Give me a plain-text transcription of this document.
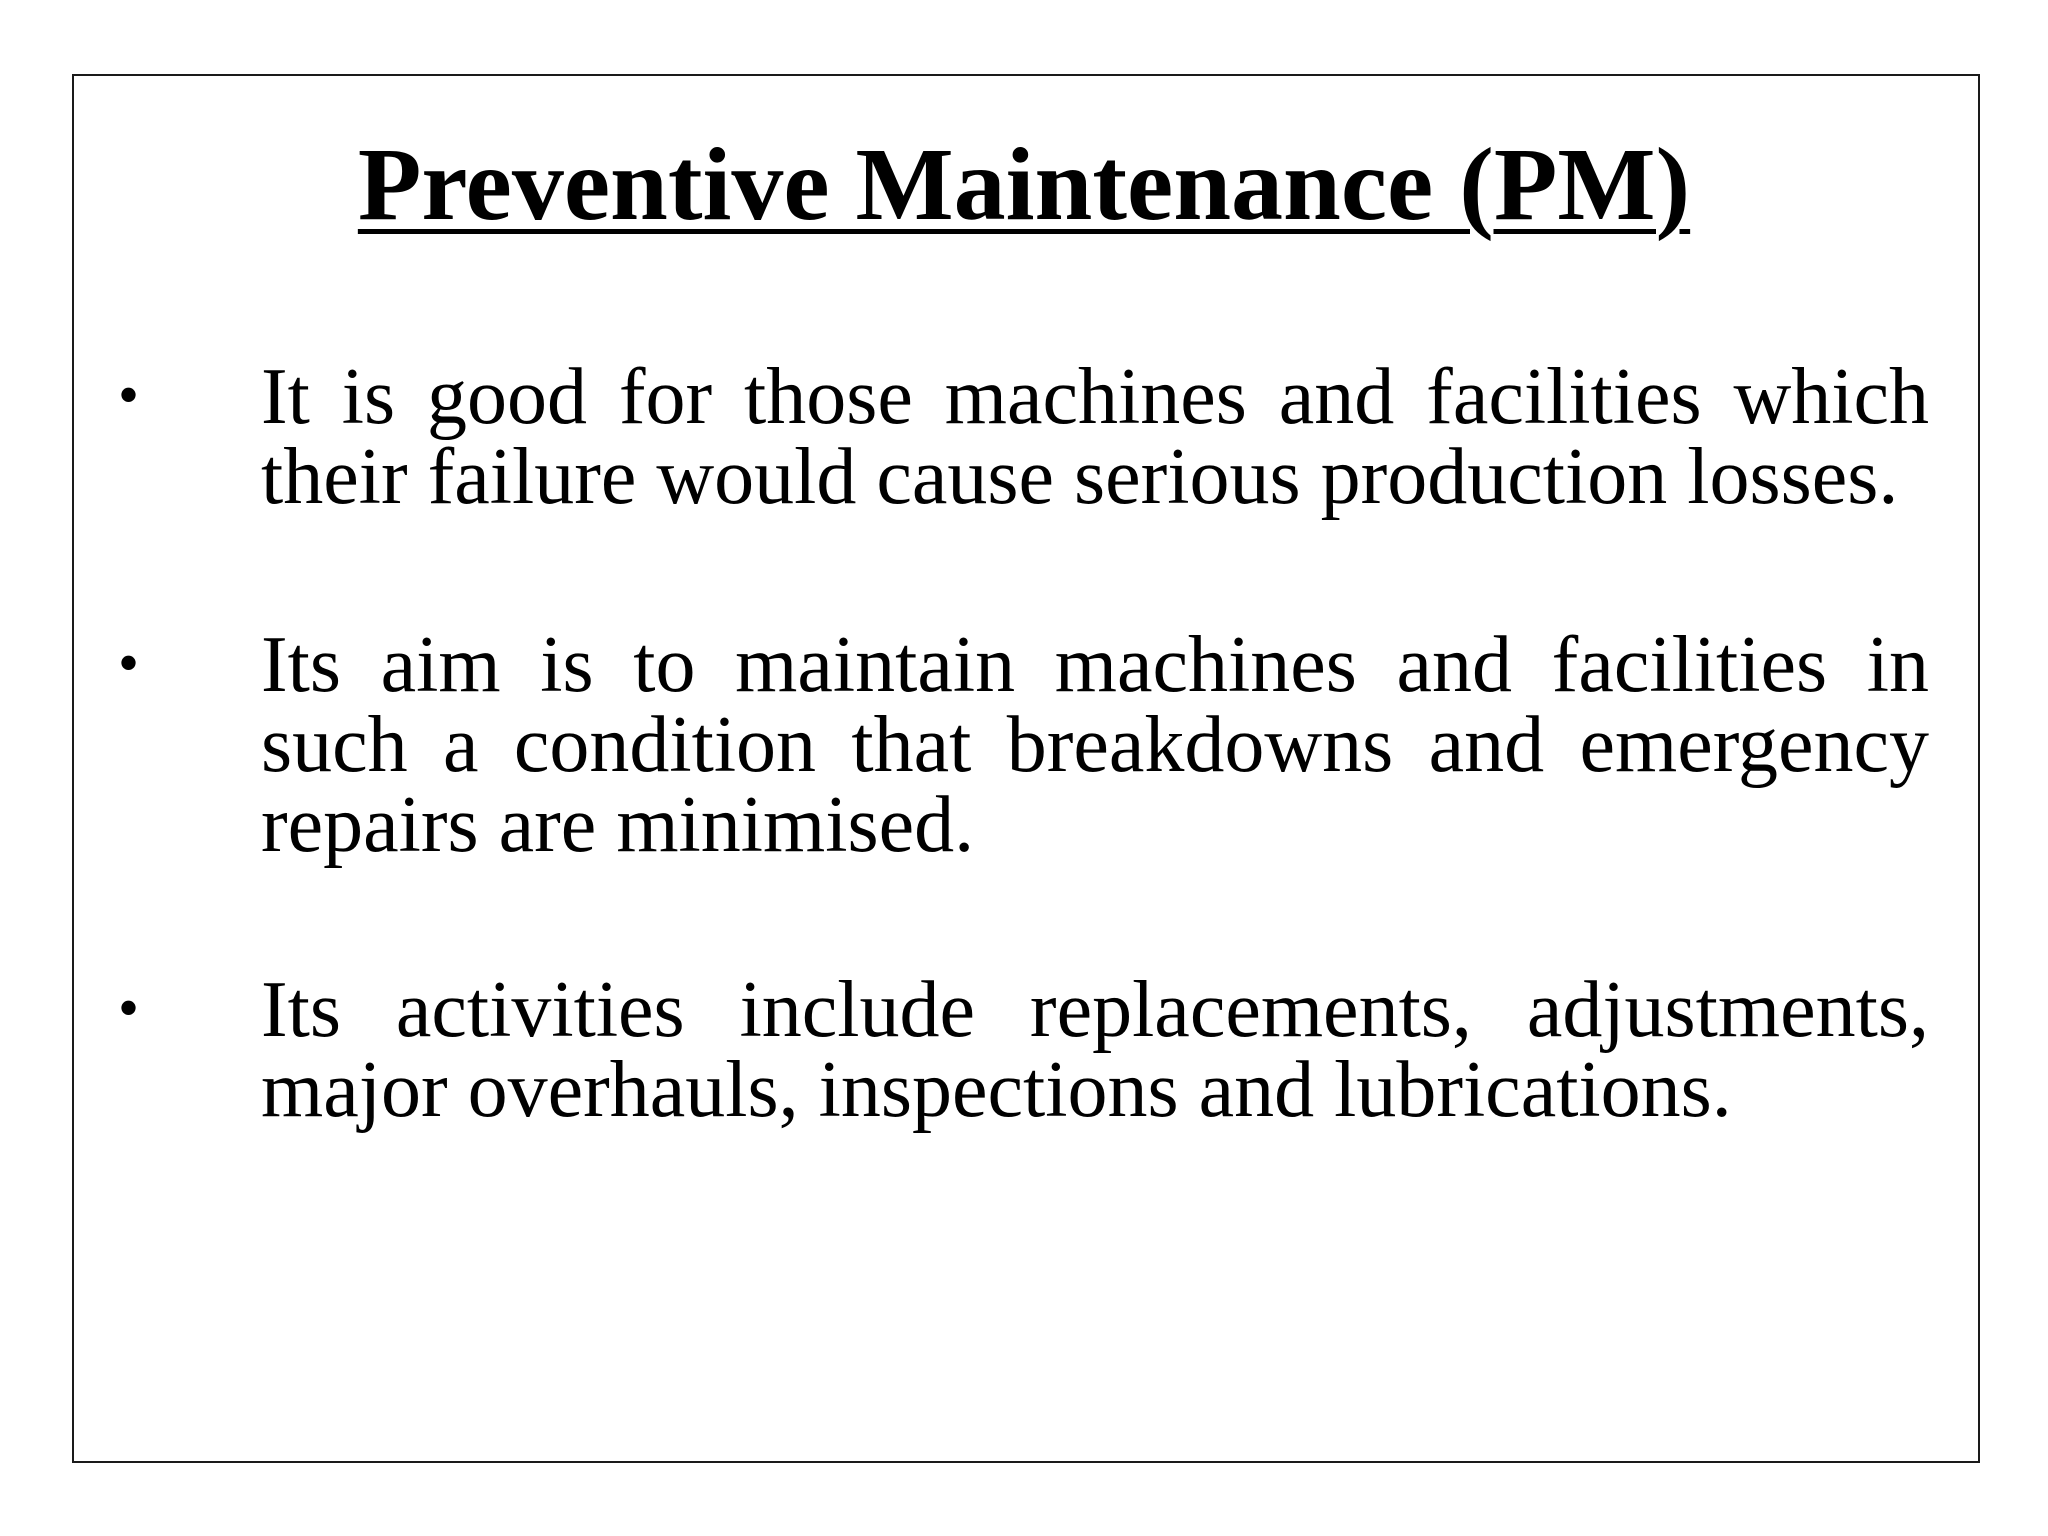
Preventive Maintenance (PM)
• It is good for those machines and facilities which their failure would cause serious production losses.
• Its aim is to maintain machines and facilities in such a condition that breakdowns and emergency repairs are minimised.
• Its activities include replacements, adjustments, major overhauls, inspections and lubrications.
